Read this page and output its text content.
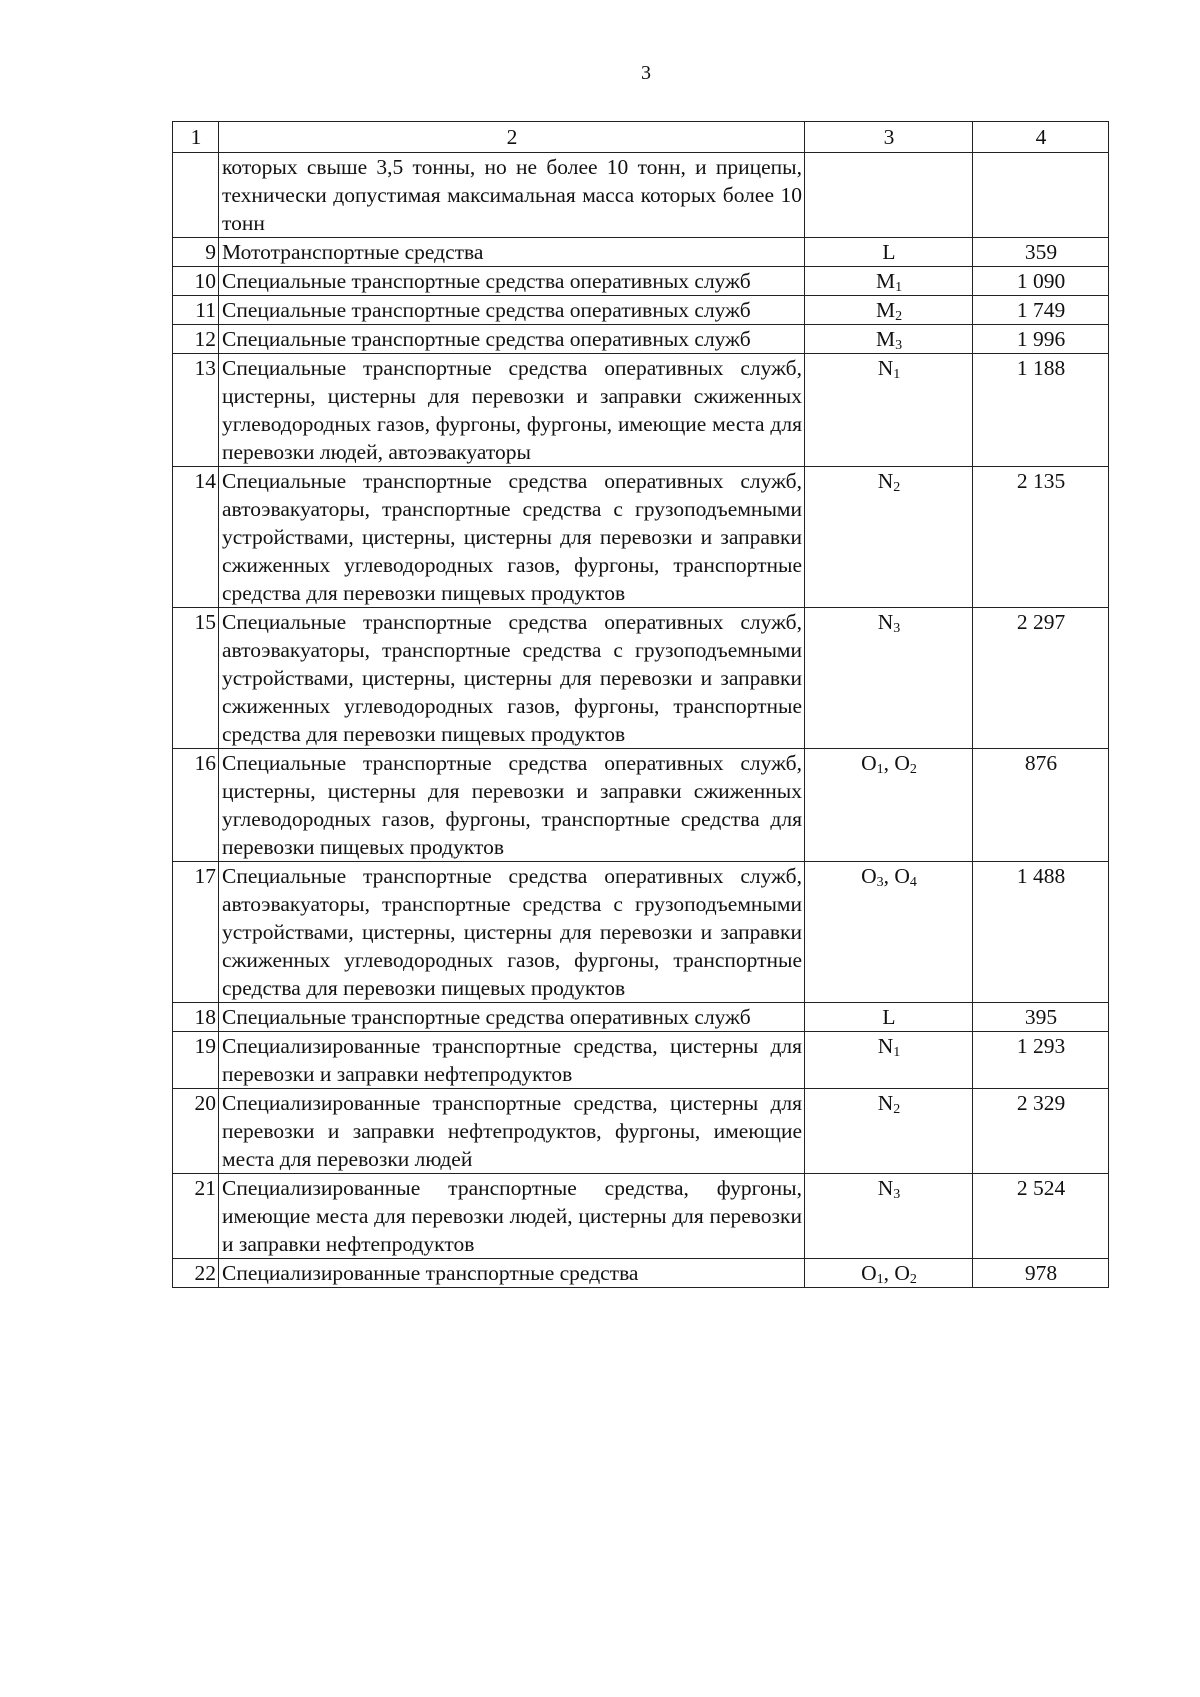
3
1	2	3	4
	которых свыше 3,5 тонны, но не более 10 тонн, и прицепы, технически допустимая максимальная масса которых более 10 тонн		
9	Мототранспортные средства	L	359
10	Специальные транспортные средства оперативных служб	$M_1$	1 090
11	Специальные транспортные средства оперативных служб	$M_2$	1 749
12	Специальные транспортные средства оперативных служб	$M_3$	1 996
13	Специальные транспортные средства оперативных служб, цистерны, цистерны для перевозки и заправки сжиженных углеводородных газов, фургоны, фургоны, имеющие места для перевозки людей, автоэвакуаторы	$N_1$	1 188
14	Специальные транспортные средства оперативных служб, автоэвакуаторы, транспортные средства с грузоподъемными устройствами, цистерны, цистерны для перевозки и заправки сжиженных углеводородных газов, фургоны, транспортные средства для перевозки пищевых продуктов	$N_2$	2 135
15	Специальные транспортные средства оперативных служб, автоэвакуаторы, транспортные средства с грузоподъемными устройствами, цистерны, цистерны для перевозки и заправки сжиженных углеводородных газов, фургоны, транспортные средства для перевозки пищевых продуктов	$N_3$	2 297
16	Специальные транспортные средства оперативных служб, цистерны, цистерны для перевозки и заправки сжиженных углеводородных газов, фургоны, транспортные средства для перевозки пищевых продуктов	$O_1$, $O_2$	876
17	Специальные транспортные средства оперативных служб, автоэвакуаторы, транспортные средства с грузоподъемными устройствами, цистерны, цистерны для перевозки и заправки сжиженных углеводородных газов, фургоны, транспортные средства для перевозки пищевых продуктов	$O_3$, $O_4$	1 488
18	Специальные транспортные средства оперативных служб	L	395
19	Специализированные транспортные средства, цистерны для перевозки и заправки нефтепродуктов	$N_1$	1 293
20	Специализированные транспортные средства, цистерны для перевозки и заправки нефтепродуктов, фургоны, имеющие места для перевозки людей	$N_2$	2 329
21	Специализированные транспортные средства, фургоны, имеющие места для перевозки людей, цистерны для перевозки и заправки нефтепродуктов	$N_3$	2 524
22	Специализированные транспортные средства	$O_1$, $O_2$	978
